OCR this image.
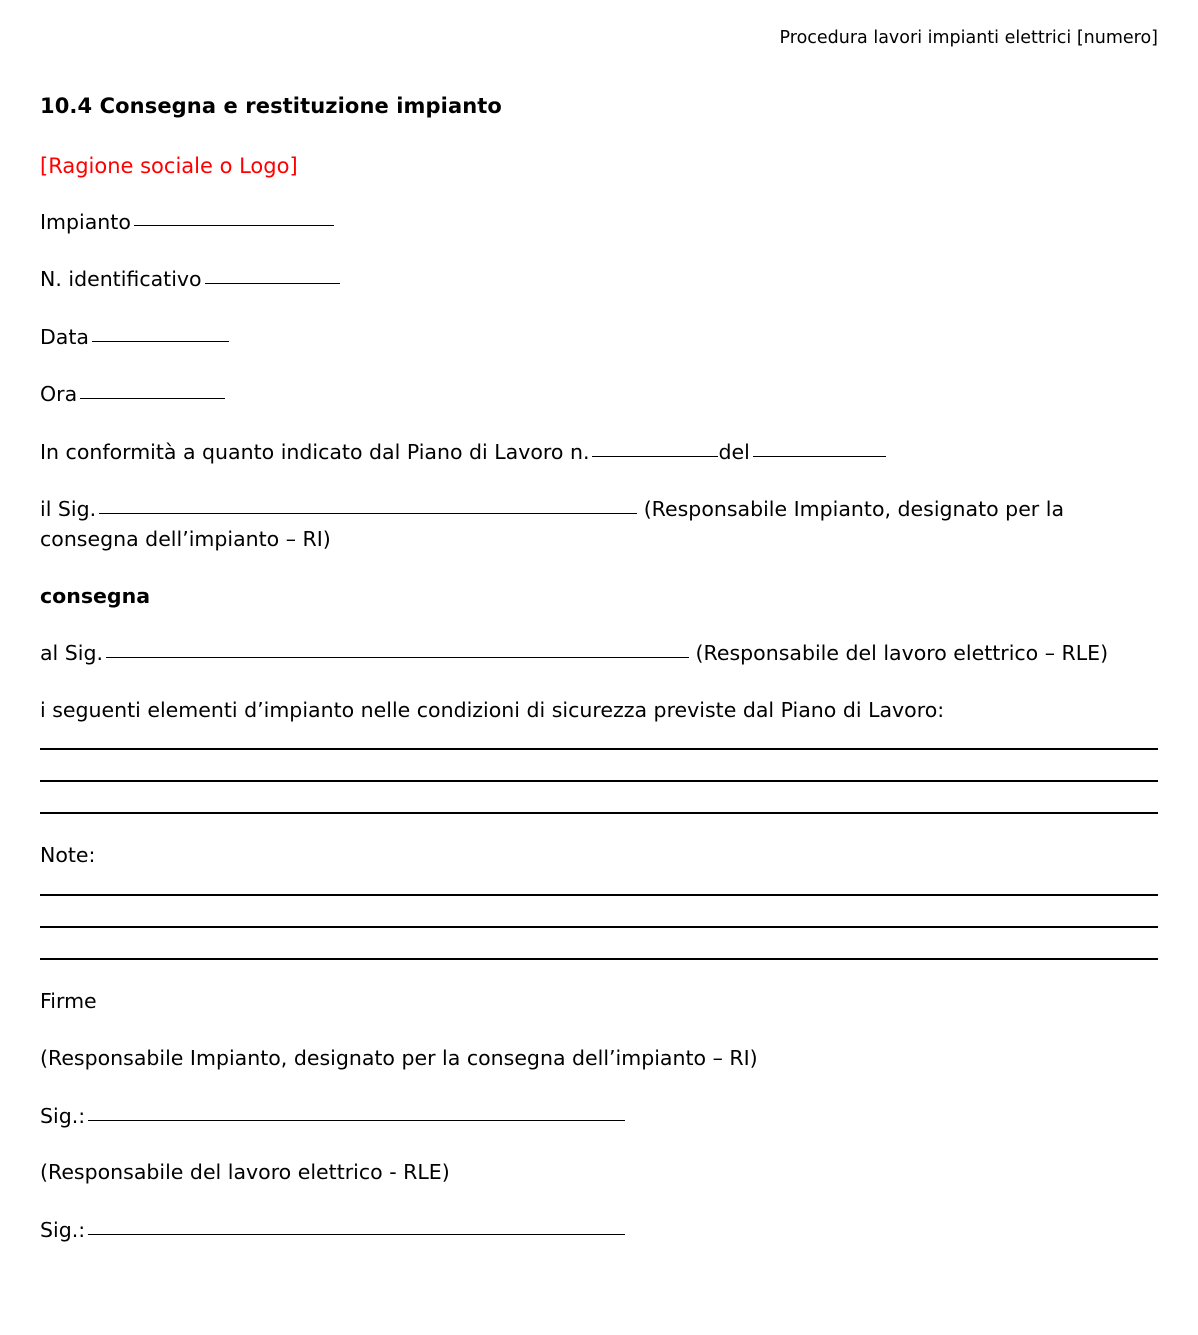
Procedura lavori impianti elettrici [numero]
10.4 Consegna e restituzione impianto
[Ragione sociale o Logo]
Impianto
N. identificativo
Data
Ora
In conformità a quanto indicato dal Piano di Lavoro n.	del
il Sig.	(Responsabile Impianto, designato per la
consegna dell’impianto – RI)
consegna
al Sig.	(Responsabile del lavoro elettrico – RLE)
i seguenti elementi d’impianto nelle condizioni di sicurezza previste dal Piano di Lavoro:
Note:
Firme
(Responsabile Impianto, designato per la consegna dell’impianto – RI)
Sig.:
(Responsabile del lavoro elettrico - RLE)
Sig.:
